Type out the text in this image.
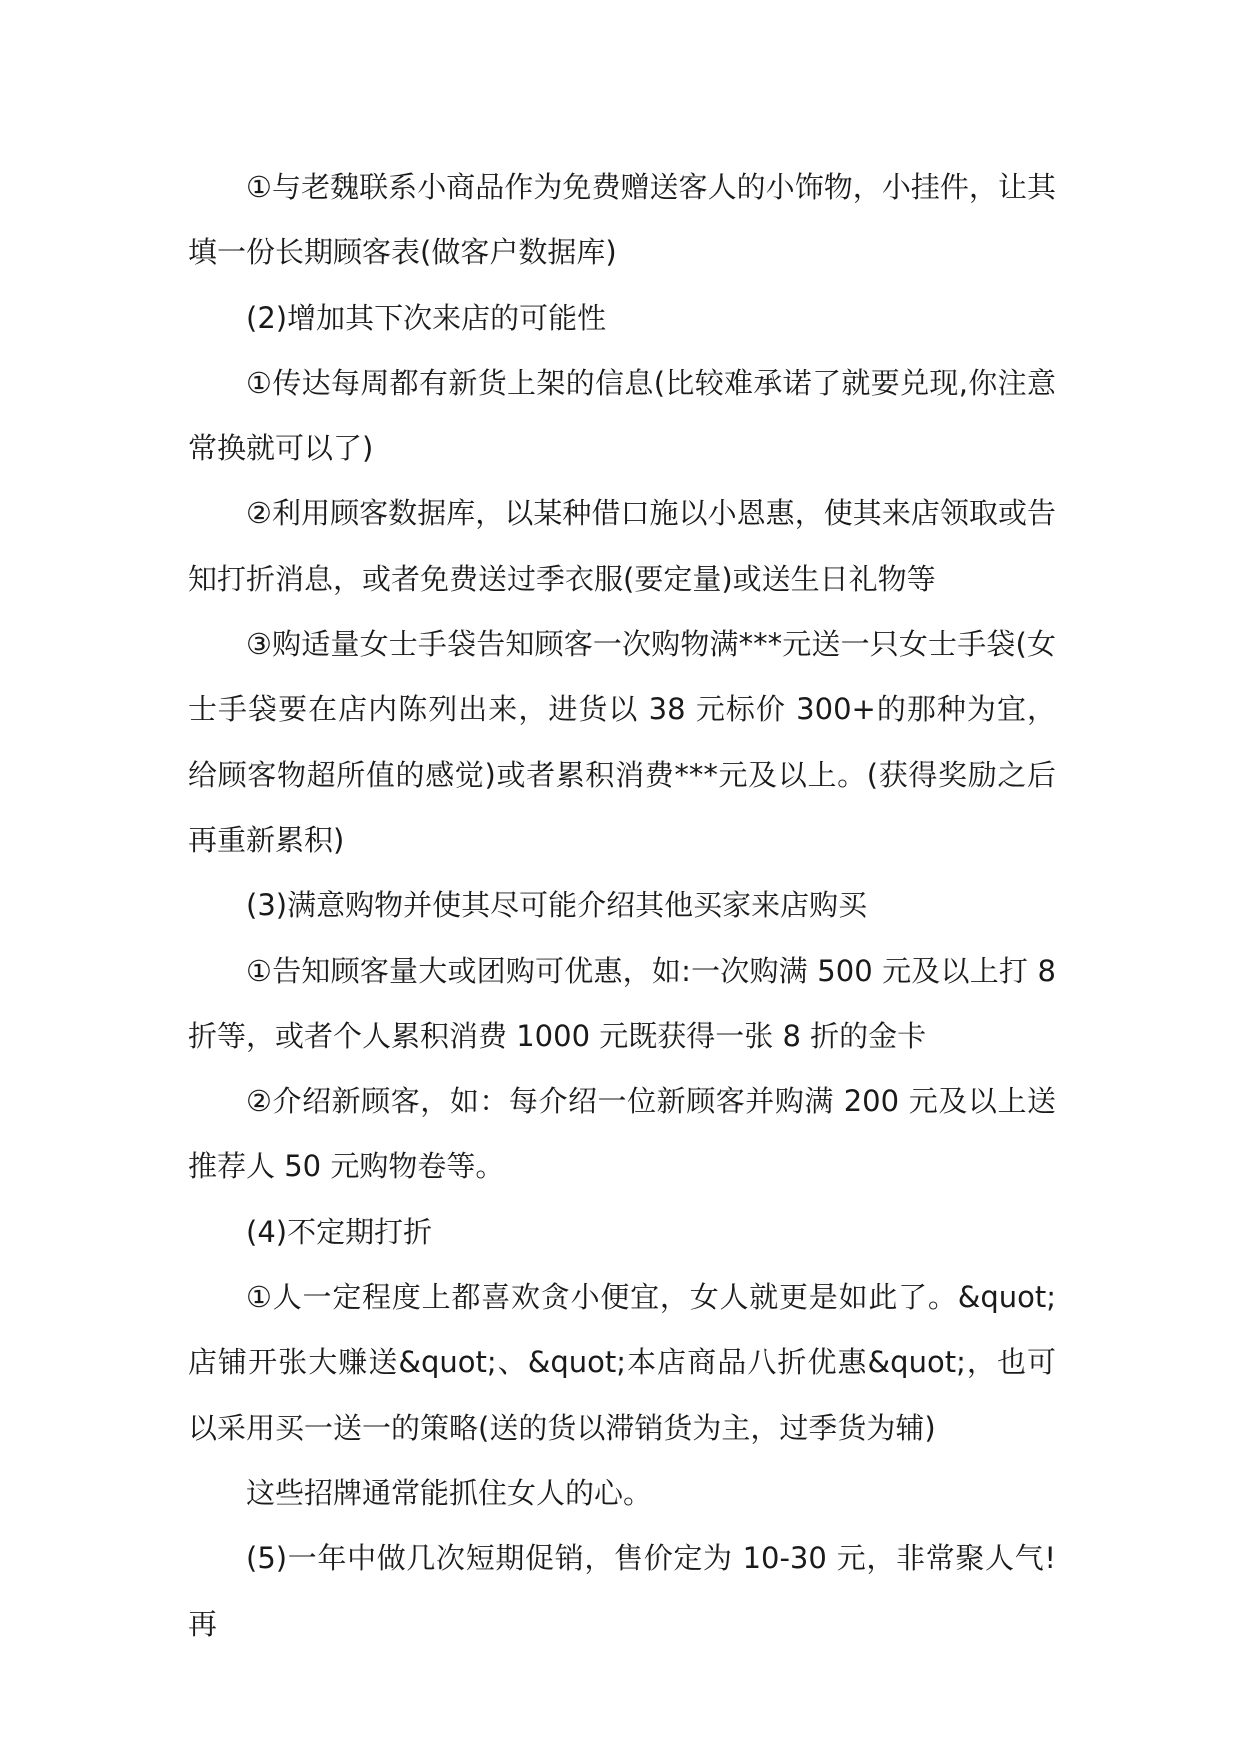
①与老魏联系小商品作为免费赠送客人的小饰物，小挂件，让其填一份长期顾客表(做客户数据库)

(2)增加其下次来店的可能性

①传达每周都有新货上架的信息(比较难承诺了就要兑现,你注意常换就可以了)

②利用顾客数据库，以某种借口施以小恩惠，使其来店领取或告知打折消息，或者免费送过季衣服(要定量)或送生日礼物等

③购适量女士手袋告知顾客一次购物满***元送一只女士手袋(女士手袋要在店内陈列出来，进货以 38 元标价 300+的那种为宜，给顾客物超所值的感觉)或者累积消费***元及以上。(获得奖励之后再重新累积)

(3)满意购物并使其尽可能介绍其他买家来店购买

①告知顾客量大或团购可优惠，如:一次购满 500 元及以上打 8 折等，或者个人累积消费 1000 元既获得一张 8 折的金卡

②介绍新顾客，如：每介绍一位新顾客并购满 200 元及以上送推荐人 50 元购物卷等。

(4)不定期打折

①人一定程度上都喜欢贪小便宜，女人就更是如此了。&quot;店铺开张大赚送&quot;、&quot;本店商品八折优惠&quot;，也可以采用买一送一的策略(送的货以滞销货为主，过季货为辅)

这些招牌通常能抓住女人的心。

(5)一年中做几次短期促销，售价定为 10-30 元，非常聚人气!再
